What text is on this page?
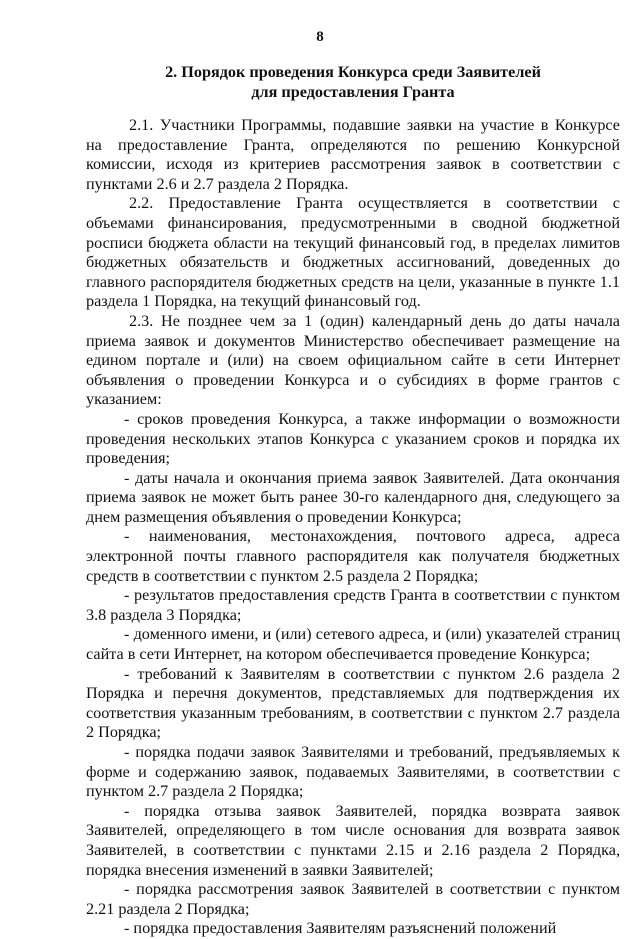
8
2. Порядок проведения Конкурса среди Заявителей
для предоставления Гранта

2.1. Участники Программы, подавшие заявки на участие в Конкурсе на предоставление Гранта, определяются по решению Конкурсной комиссии, исходя из критериев рассмотрения заявок в соответствии с пунктами 2.6 и 2.7 раздела 2 Порядка.

2.2. Предоставление Гранта осуществляется в соответствии с объемами финансирования, предусмотренными в сводной бюджетной росписи бюджета области на текущий финансовый год, в пределах лимитов бюджетных обязательств и бюджетных ассигнований, доведенных до главного распорядителя бюджетных средств на цели, указанные в пункте 1.1 раздела 1 Порядка, на текущий финансовый год.

2.3. Не позднее чем за 1 (один) календарный день до даты начала приема заявок и документов Министерство обеспечивает размещение на едином портале и (или) на своем официальном сайте в сети Интернет объявления о проведении Конкурса и о субсидиях в форме грантов с указанием:

- сроков проведения Конкурса, а также информации о возможности проведения нескольких этапов Конкурса с указанием сроков и порядка их проведения;

- даты начала и окончания приема заявок Заявителей. Дата окончания приема заявок не может быть ранее 30-го календарного дня, следующего за днем размещения объявления о проведении Конкурса;

- наименования, местонахождения, почтового адреса, адреса электронной почты главного распорядителя как получателя бюджетных средств в соответствии с пунктом 2.5 раздела 2 Порядка;

- результатов предоставления средств Гранта в соответствии с пунктом 3.8 раздела 3 Порядка;

- доменного имени, и (или) сетевого адреса, и (или) указателей страниц сайта в сети Интернет, на котором обеспечивается проведение Конкурса;

- требований к Заявителям в соответствии с пунктом 2.6 раздела 2 Порядка и перечня документов, представляемых для подтверждения их соответствия указанным требованиям, в соответствии с пунктом 2.7 раздела 2 Порядка;

- порядка подачи заявок Заявителями и требований, предъявляемых к форме и содержанию заявок, подаваемых Заявителями, в соответствии с пунктом 2.7 раздела 2 Порядка;

- порядка отзыва заявок Заявителей, порядка возврата заявок Заявителей, определяющего в том числе основания для возврата заявок Заявителей, в соответствии с пунктами 2.15 и 2.16 раздела 2 Порядка, порядка внесения изменений в заявки Заявителей;

- порядка рассмотрения заявок Заявителей в соответствии с пунктом 2.21 раздела 2 Порядка;

- порядка предоставления Заявителям разъяснений положений
